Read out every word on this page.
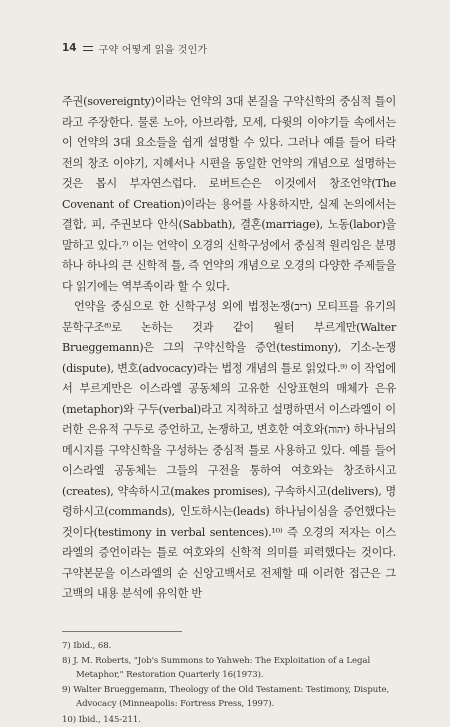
14 구약 어떻게 읽을 것인가

주권(sovereignty)이라는 언약의 3대 본질을 구약신학의 중심적 틀이라고 주장한다. 물론 노아, 아브라함, 모세, 다윗의 이야기들 속에서는 이 언약의 3대 요소들을 쉽게 설명할 수 있다. 그러나 예를 들어 타락 전의 창조 이야기, 지혜서나 시편을 동일한 언약의 개념으로 설명하는 것은 몹시 부자연스럽다. 로버트슨은 이것에서 창조언약(The Covenant of Creation)이라는 용어를 사용하지만, 실제 논의에서는 결합, 피, 주권보다 안식(Sabbath), 결혼(marriage), 노동(labor)을 말하고 있다.⁷⁾ 이는 언약이 오경의 신학구성에서 중심적 원리임은 분명하나 하나의 큰 신학적 틀, 즉 언약의 개념으로 오경의 다양한 주제들을 다 읽기에는 역부족이라 할 수 있다.

언약을 중심으로 한 신학구성 외에 법정논쟁(ריב) 모티프를 유기의 문학구조⁸⁾로 논하는 것과 같이 월터 부르게만(Walter Brueggemann)은 그의 구약신학을 증언(testimony), 기소-논쟁(dispute), 변호(advocacy)라는 법정 개념의 틀로 읽었다.⁹⁾ 이 작업에서 부르게만은 이스라엘 공동체의 고유한 신앙표현의 매체가 은유(metaphor)와 구두(verbal)라고 지적하고 설명하면서 이스라엘이 이러한 은유적 구두로 증언하고, 논쟁하고, 변호한 여호와(יהוה) 하나님의 메시지를 구약신학을 구성하는 중심적 틀로 사용하고 있다. 예를 들어 이스라엘 공동체는 그들의 구전을 통하여 여호와는 창조하시고(creates), 약속하시고(makes promises), 구속하시고(delivers), 명령하시고(commands), 인도하시는(leads) 하나님이심을 증언했다는 것이다(testimony in verbal sentences).¹⁰⁾ 즉 오경의 저자는 이스라엘의 증언이라는 틀로 여호와의 신학적 의미를 피력했다는 것이다. 구약본문을 이스라엘의 순 신앙고백서로 전제할 때 이러한 접근은 그 고백의 내용 분석에 유익한 반

7) Ibid., 68.
8) J. M. Roberts, "Job's Summons to Yahweh: The Exploitation of a Legal Metaphor," Restoration Quarterly 16(1973).
9) Walter Brueggemann, Theology of the Old Testament: Testimony, Dispute, Advocacy (Minneapolis: Fortress Press, 1997).
10) Ibid., 145-211.
